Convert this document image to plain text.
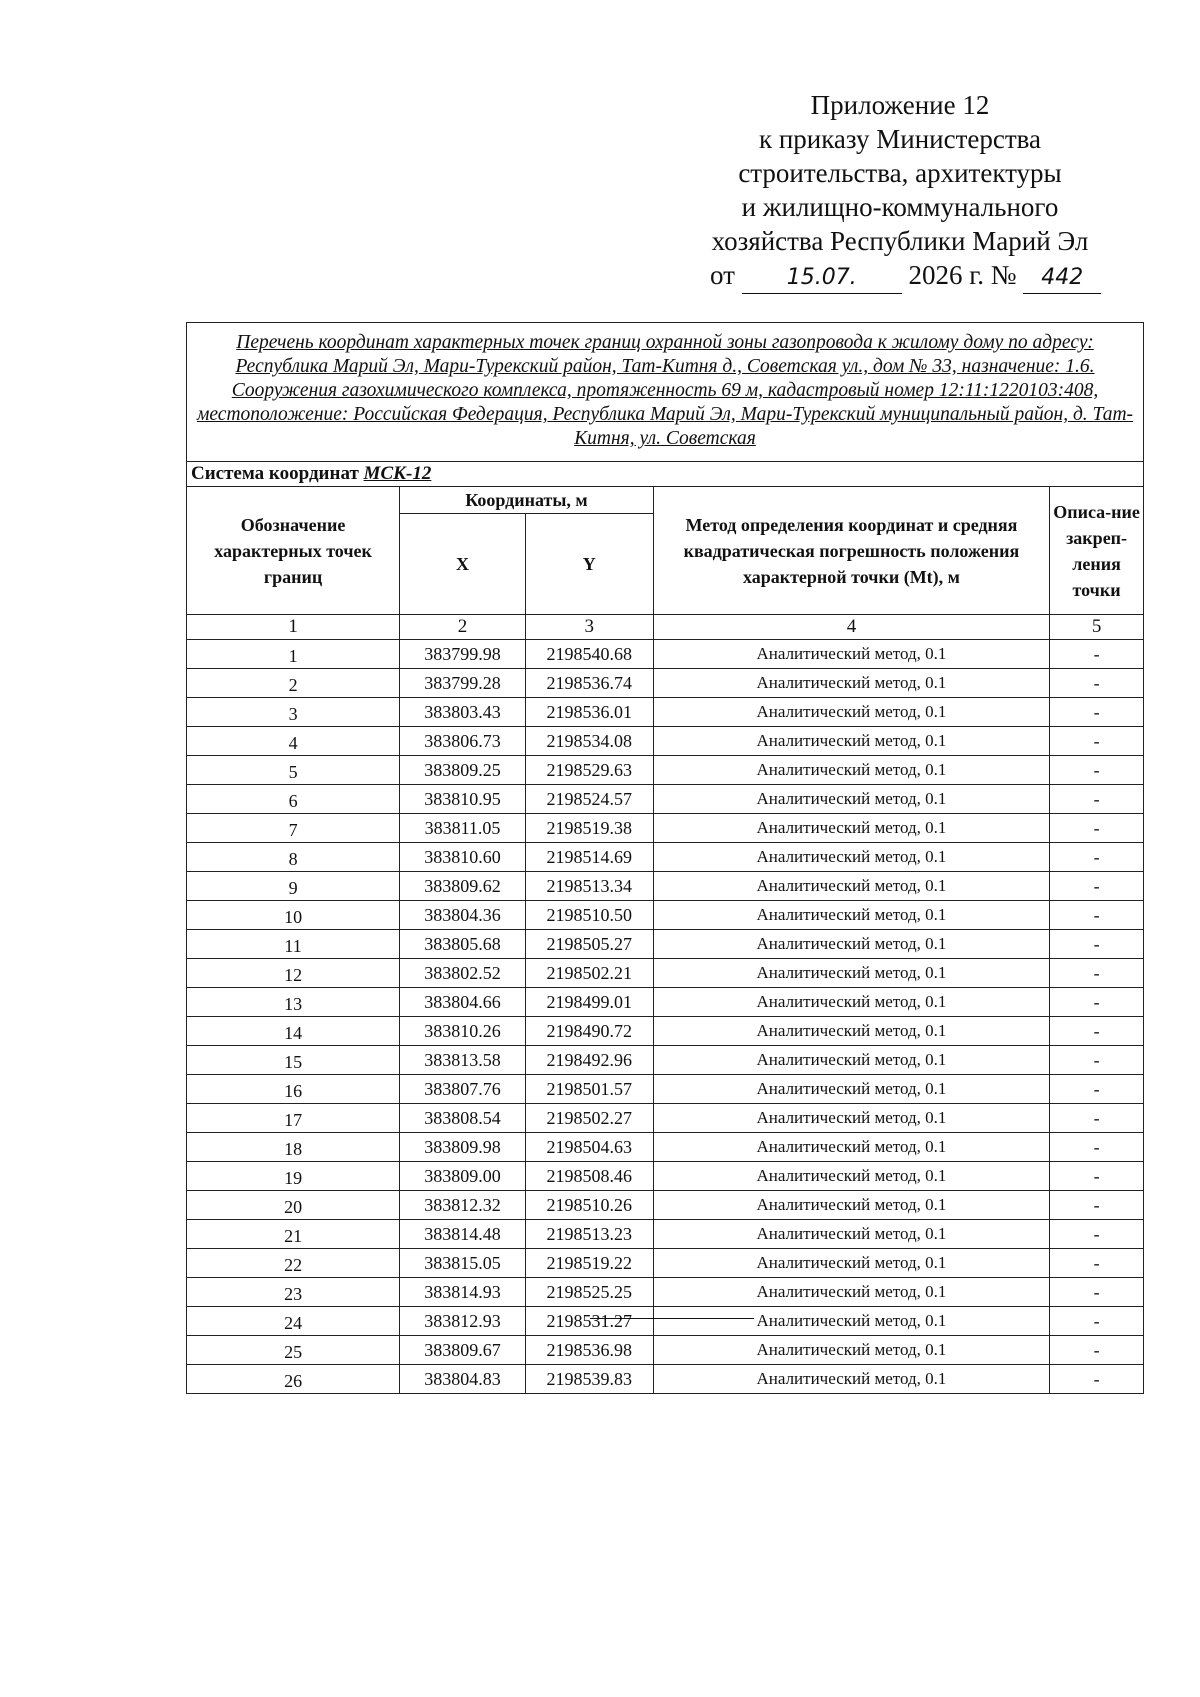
Приложение 12
к приказу Министерства
строительства, архитектуры
и жилищно-коммунального
хозяйства Республики Марий Эл
от 15.07. 2026 г. № 442
Перечень координат характерных точек границ охранной зоны газопровода к жилому дому по адресу: Республика Марий Эл, Мари-Турекский район, Тат-Китня д., Советская ул., дом № 33, назначение: 1.6. Сооружения газохимического комплекса, протяженность 69 м, кадастровый номер 12:11:1220103:408, местоположение: Российская Федерация, Республика Марий Эл, Мари-Турекский муниципальный район, д. Тат-Китня, ул. Советская				
Система координат МСК-12				
Обозначение характерных точек границ	Координаты, м		Метод определения координат и средняя квадратическая погрешность положения характерной точки (Mt), м	Описа-ние закреп-ления точки
	X	Y		
1	2	3	4	5
1	383799.98	2198540.68	Аналитический метод, 0.1	-
2	383799.28	2198536.74	Аналитический метод, 0.1	-
3	383803.43	2198536.01	Аналитический метод, 0.1	-
4	383806.73	2198534.08	Аналитический метод, 0.1	-
5	383809.25	2198529.63	Аналитический метод, 0.1	-
6	383810.95	2198524.57	Аналитический метод, 0.1	-
7	383811.05	2198519.38	Аналитический метод, 0.1	-
8	383810.60	2198514.69	Аналитический метод, 0.1	-
9	383809.62	2198513.34	Аналитический метод, 0.1	-
10	383804.36	2198510.50	Аналитический метод, 0.1	-
11	383805.68	2198505.27	Аналитический метод, 0.1	-
12	383802.52	2198502.21	Аналитический метод, 0.1	-
13	383804.66	2198499.01	Аналитический метод, 0.1	-
14	383810.26	2198490.72	Аналитический метод, 0.1	-
15	383813.58	2198492.96	Аналитический метод, 0.1	-
16	383807.76	2198501.57	Аналитический метод, 0.1	-
17	383808.54	2198502.27	Аналитический метод, 0.1	-
18	383809.98	2198504.63	Аналитический метод, 0.1	-
19	383809.00	2198508.46	Аналитический метод, 0.1	-
20	383812.32	2198510.26	Аналитический метод, 0.1	-
21	383814.48	2198513.23	Аналитический метод, 0.1	-
22	383815.05	2198519.22	Аналитический метод, 0.1	-
23	383814.93	2198525.25	Аналитический метод, 0.1	-
24	383812.93	2198531.27	Аналитический метод, 0.1	-
25	383809.67	2198536.98	Аналитический метод, 0.1	-
26	383804.83	2198539.83	Аналитический метод, 0.1	-
